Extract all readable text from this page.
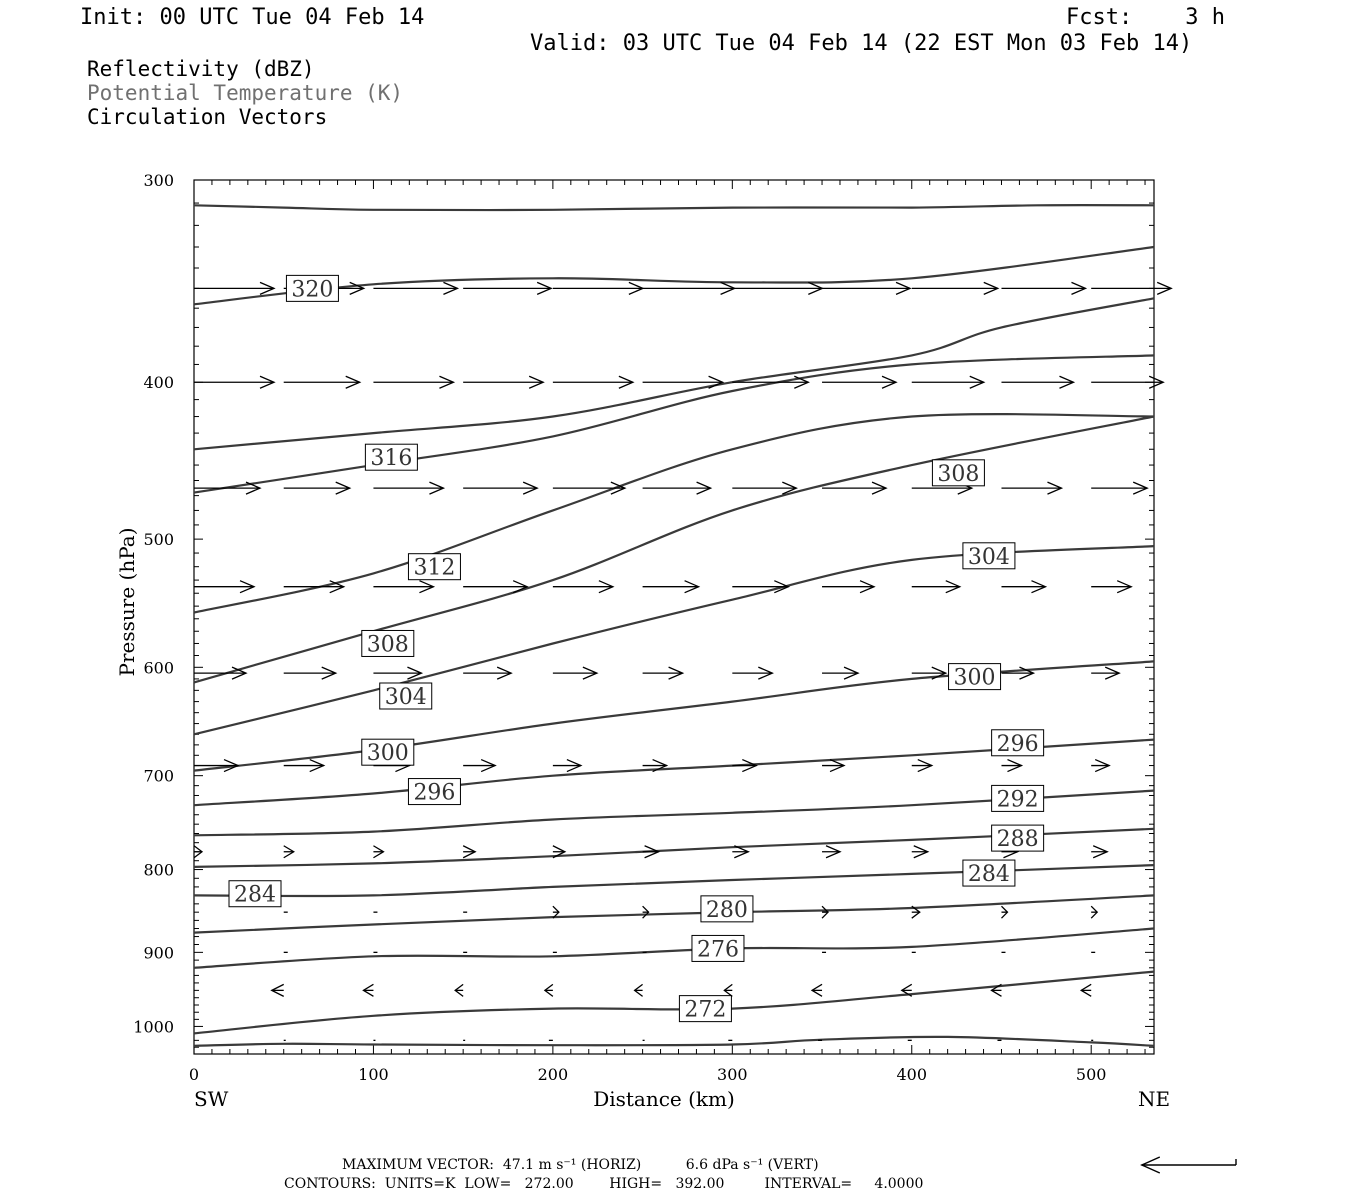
Init: 00 UTC Tue 04 Feb 14	Fcst:    3 h
Valid: 03 UTC Tue 04 Feb 14 (22 EST Mon 03 Feb 14)
Reflectivity (dBZ)
Potential Temperature (K)
Circulation Vectors
300
400
500
600
700
800
900
1000
0	100	200	300	400	500
Distance (km)
Pressure (hPa)
SW	NE
320
316
312
308
308
304
304
300
300
296
296
292
288
284
284
280
276
272
MAXIMUM VECTOR:  47.1 m s⁻¹ (HORIZ)          6.6 dPa s⁻¹ (VERT)
CONTOURS:  UNITS=K  LOW=   272.00        HIGH=   392.00         INTERVAL=     4.0000
